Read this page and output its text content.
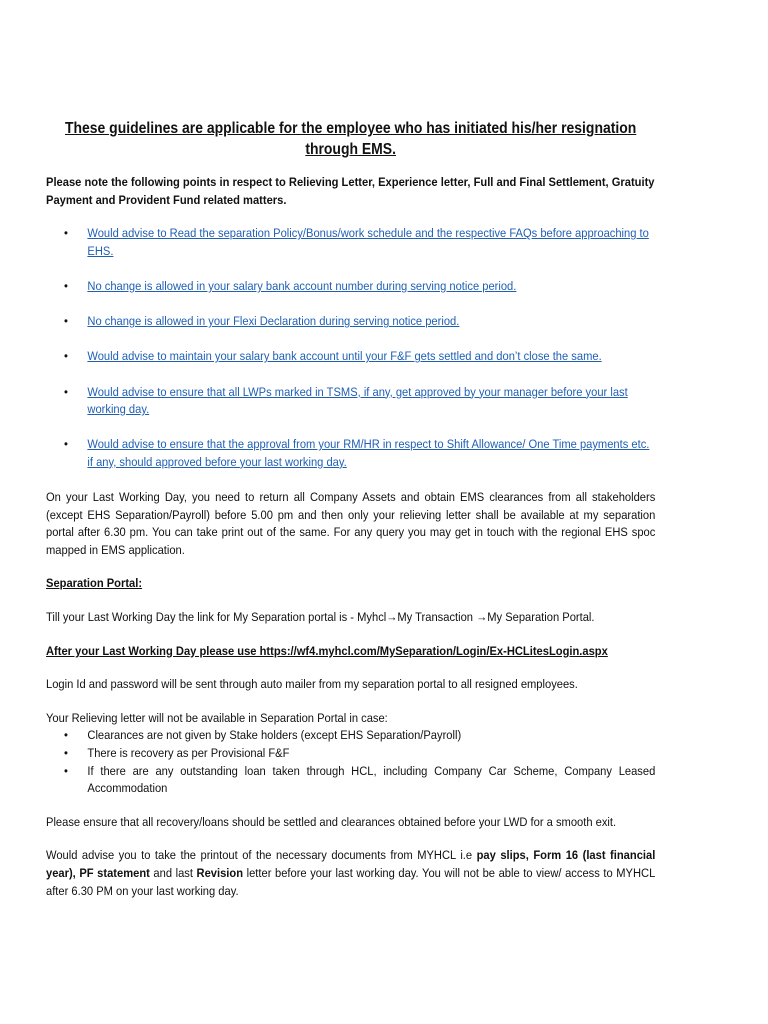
These guidelines are applicable for the employee who has initiated his/her resignation through EMS.

Please note the following points in respect to Relieving Letter, Experience letter, Full and Final Settlement, Gratuity Payment and Provident Fund related matters.

• Would advise to Read the separation Policy/Bonus/work schedule and the respective FAQs before approaching to EHS.
• No change is allowed in your salary bank account number during serving notice period.
• No change is allowed in your Flexi Declaration during serving notice period.
• Would advise to maintain your salary bank account until your F&F gets settled and don’t close the same.
• Would advise to ensure that all LWPs marked in TSMS, if any, get approved by your manager before your last working day.
• Would advise to ensure that the approval from your RM/HR in respect to Shift Allowance/ One Time payments etc. if any, should approved before your last working day.

On your Last Working Day, you need to return all Company Assets and obtain EMS clearances from all stakeholders (except EHS Separation/Payroll) before 5.00 pm and then only your relieving letter shall be available at my separation portal after 6.30 pm. You can take print out of the same. For any query you may get in touch with the regional EHS spoc mapped in EMS application.

Separation Portal:

Till your Last Working Day the link for My Separation portal is - Myhcl→My Transaction →My Separation Portal.

After your Last Working Day please use https://wf4.myhcl.com/MySeparation/Login/Ex-HCLitesLogin.aspx

Login Id and password will be sent through auto mailer from my separation portal to all resigned employees.

Your Relieving letter will not be available in Separation Portal in case:

• Clearances are not given by Stake holders (except EHS Separation/Payroll)
• There is recovery as per Provisional F&F
• If there are any outstanding loan taken through HCL, including Company Car Scheme, Company Leased Accommodation

Please ensure that all recovery/loans should be settled and clearances obtained before your LWD for a smooth exit.

Would advise you to take the printout of the necessary documents from MYHCL i.e pay slips, Form 16 (last financial year), PF statement and last Revision letter before your last working day. You will not be able to view/ access to MYHCL after 6.30 PM on your last working day.
